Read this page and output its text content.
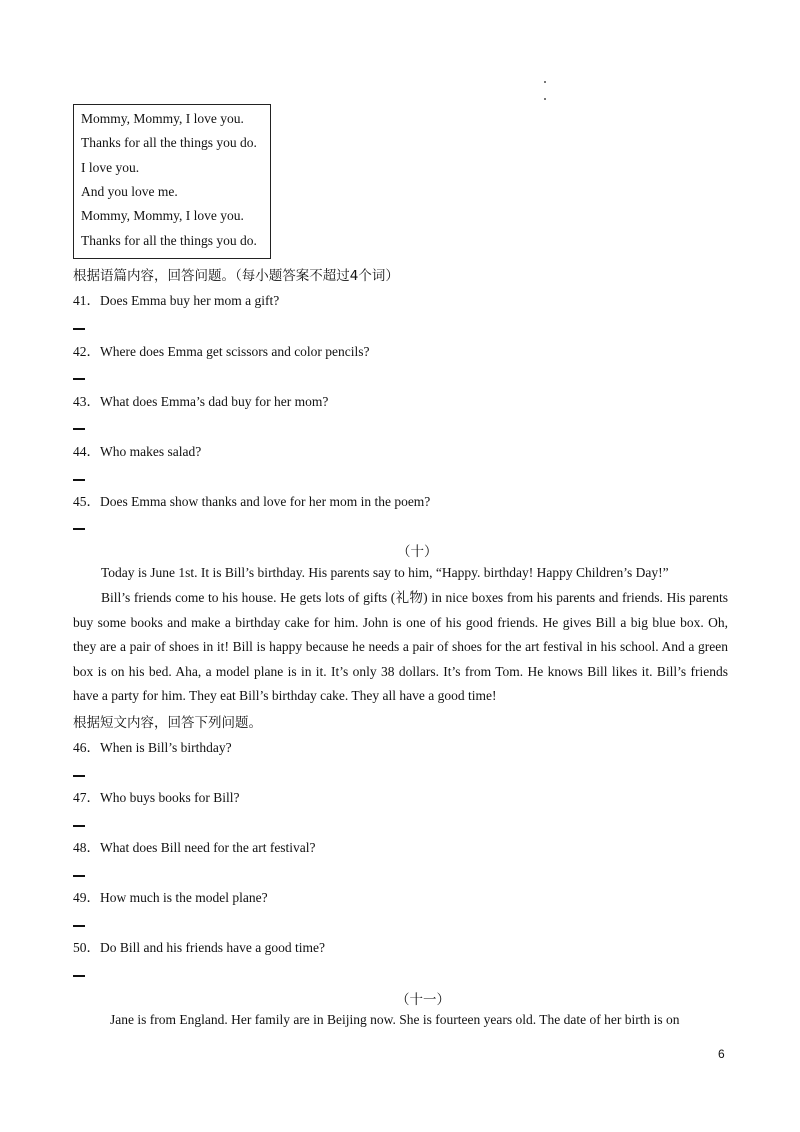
Mommy, Mommy, I love you.
Thanks for all the things you do.
I love you.
And you love me.
Mommy, Mommy, I love you.
Thanks for all the things you do.
根据语篇内容，回答问题。（每小题答案不超过4个词）
41．Does Emma buy her mom a gift?
42．Where does Emma get scissors and color pencils?
43．What does Emma’s dad buy for her mom?
44．Who makes salad?
45．Does Emma show thanks and love for her mom in the poem?
（十）
Today is June 1st. It is Bill’s birthday. His parents say to him, “Happy. birthday! Happy Children’s Day!”
Bill’s friends come to his house. He gets lots of gifts (礼物) in nice boxes from his parents and friends. His parents buy some books and make a birthday cake for him. John is one of his good friends. He gives Bill a big blue box. Oh, they are a pair of shoes in it! Bill is happy because he needs a pair of shoes for the art festival in his school. And a green box is on his bed. Aha, a model plane is in it. It’s only 38 dollars. It’s from Tom. He knows Bill likes it. Bill’s friends have a party for him. They eat Bill’s birthday cake. They all have a good time!
根据短文内容，回答下列问题。
46．When is Bill’s birthday?
47．Who buys books for Bill?
48．What does Bill need for the art festival?
49．How much is the model plane?
50．Do Bill and his friends have a good time?
（十一）
Jane is from England. Her family are in Beijing now. She is fourteen years old. The date of her birth is on
6
